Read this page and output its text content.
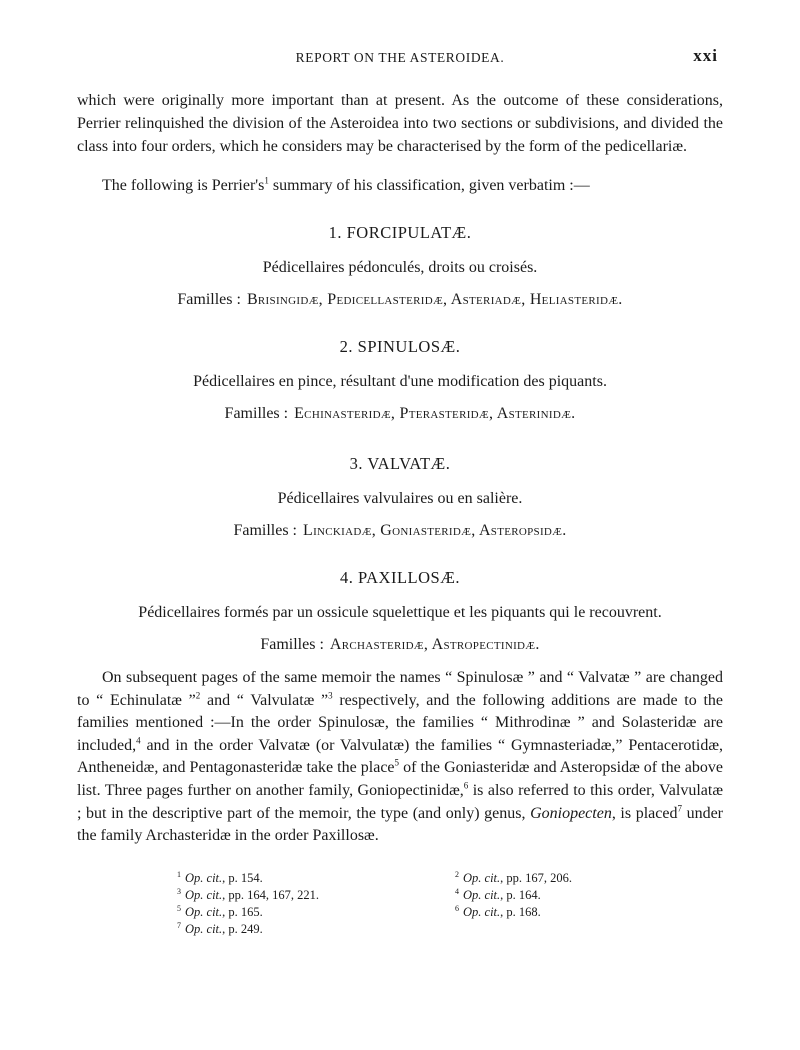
REPORT ON THE ASTEROIDEA.	xxi

which were originally more important than at present. As the outcome of these considerations, Perrier relinquished the division of the Asteroidea into two sections or subdivisions, and divided the class into four orders, which he considers may be characterised by the form of the pedicellariæ.

The following is $Perrier's^1$ summary of his classification, given verbatim :—

1. FORCIPULATÆ.
Pédicellaires pédonculés, droits ou croisés.
Familles : Brisingidæ, Pedicellasteridæ, Asteriadæ, Heliasteridæ.
2. SPINULOSÆ.
Pédicellaires en pince, résultant d'une modification des piquants.
Familles : Echinasteridæ, Pterasteridæ, Asterinidæ.
3. VALVATÆ.
Pédicellaires valvulaires ou en salière.
Familles : Linckiadæ, Goniasteridæ, Asteropsidæ.
4. PAXILLOSÆ.
Pédicellaires formés par un ossicule squelettique et les piquants qui le recouvrent.
Familles : Archasteridæ, Astropectinidæ.

On subsequent pages of the same memoir the names “ Spinulosæ ” and “ Valvatæ ” are changed to “ Echinulatæ ”$^2$ and “ Valvulatæ ”$^3$ respectively, and the following additions are made to the families mentioned :—In the order Spinulosæ, the families “ Mithrodinæ ” and Solasteridæ are included,$^4$ and in the order Valvatæ (or Valvulatæ) the families “ Gymnasteriadæ,” Pentacerotidæ, Antheneidæ, and Pentagonasteridæ take the place$^5$ of the Goniasteridæ and Asteropsidæ of the above list. Three pages further on another family, Goniopectinidæ,$^6$ is also referred to this order, Valvulatæ ; but in the descriptive part of the memoir, the type (and only) genus, Goniopecten, is placed$^7$ under the family Archasteridæ in the order Paxillosæ.

$^1$ Op. cit., p. 154.	$^2$ Op. cit., pp. 167, 206.
$^3$ Op. cit., pp. 164, 167, 221.	$^4$ Op. cit., p. 164.
$^5$ Op. cit., p. 165.	$^6$ Op. cit., p. 168.
$^7$ Op. cit., p. 249.
